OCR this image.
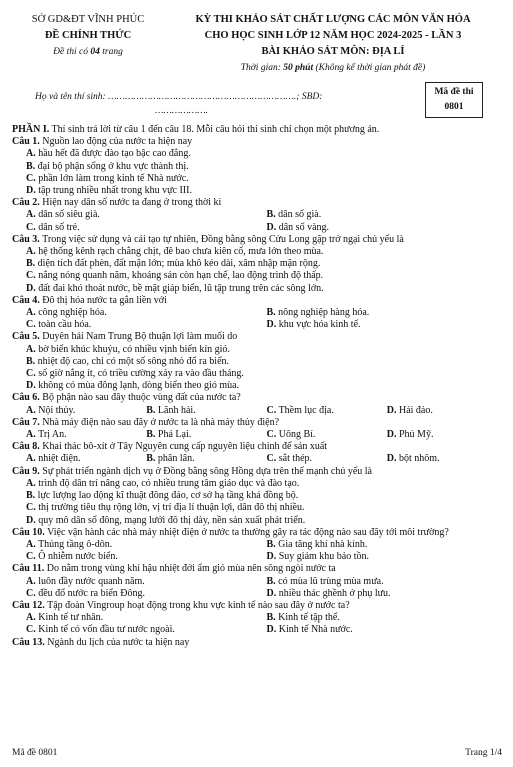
SỞ GD&ĐT VĨNH PHÚC
ĐỀ CHÍNH THỨC
Đề thi có 04 trang
KỲ THI KHẢO SÁT CHẤT LƯỢNG CÁC MÔN VĂN HÓA
CHO HỌC SINH LỚP 12 NĂM HỌC 2024-2025 - LẦN 3
BÀI KHẢO SÁT MÔN: ĐỊA LÍ
Thời gian: 50 phút (Không kể thời gian phát đề)
Họ và tên thí sinh: ………………………………………………………….; SBD:
……………….
Mã đề thi
0801
PHẦN I. Thí sinh trả lời từ câu 1 đến câu 18. Mỗi câu hỏi thí sinh chỉ chọn một phương án.
Câu 1. Nguồn lao động của nước ta hiện nay
A. hầu hết đã được đào tạo bậc cao đẳng.
B. đại bộ phận sống ở khu vực thành thị.
C. phần lớn làm trong kinh tế Nhà nước.
D. tập trung nhiều nhất trong khu vực III.
Câu 2. Hiện nay dân số nước ta đang ở trong thời kì
A. dân số siêu già.	B. dân số già.
C. dân số trẻ.	D. dân số vàng.
Câu 3. Trong việc sử dụng và cải tạo tự nhiên, Đồng bằng sông Cửu Long gặp trở ngại chủ yếu là
A. hệ thống kênh rạch chằng chịt, đê bao chưa kiên cố, mưa lớn theo mùa.
B. diện tích đất phèn, đất mặn lớn; mùa khô kéo dài, xâm nhập mặn rộng.
C. nắng nóng quanh năm, khoáng sản còn hạn chế, lao động trình độ thấp.
D. đất đai khó thoát nước, bề mặt giáp biển, lũ tập trung trên các sông lớn.
Câu 4. Đô thị hóa nước ta gắn liền với
A. công nghiệp hóa.	B. nông nghiệp hàng hóa.
C. toàn cầu hóa.	D. khu vực hóa kinh tế.
Câu 5. Duyên hải Nam Trung Bộ thuận lợi làm muối do
A. bờ biển khúc khuỷu, có nhiều vịnh biển kín gió.
B. nhiệt độ cao, chỉ có một số sông nhỏ đổ ra biển.
C. số giờ nắng ít, có triều cường xảy ra vào đầu tháng.
D. không có mùa đông lạnh, dòng biển theo gió mùa.
Câu 6. Bộ phận nào sau đây thuộc vùng đất của nước ta?
A. Nội thủy.	B. Lãnh hải.	C. Thềm lục địa.	D. Hải đảo.
Câu 7. Nhà máy điện nào sau đây ở nước ta là nhà máy thủy điện?
A. Trị An.	B. Phả Lại.	C. Uông Bí.	D. Phú Mỹ.
Câu 8. Khai thác bô-xít ở Tây Nguyên cung cấp nguyên liệu chính để sản xuất
A. nhiệt điện.	B. phân lân.	C. sắt thép.	D. bột nhôm.
Câu 9. Sự phát triển ngành dịch vụ ở Đồng bằng sông Hồng dựa trên thế mạnh chủ yếu là
A. trình độ dân trí nâng cao, có nhiều trung tâm giáo dục và đào tạo.
B. lực lượng lao động kĩ thuật đông đảo, cơ sở hạ tầng khá đồng bộ.
C. thị trường tiêu thụ rộng lớn, vị trí địa lí thuận lợi, dân đô thị nhiều.
D. quy mô dân số đông, mạng lưới đô thị dày, nền sản xuất phát triển.
Câu 10. Việc vận hành các nhà máy nhiệt điện ở nước ta thường gây ra tác động nào sau đây tới môi trường?
A. Thủng tầng ô-dôn.	B. Gia tăng khí nhà kính.
C. Ô nhiễm nước biển.	D. Suy giảm khu bảo tồn.
Câu 11. Do nằm trong vùng khí hậu nhiệt đới ẩm gió mùa nên sông ngòi nước ta
A. luôn đầy nước quanh năm.	B. có mùa lũ trùng mùa mưa.
C. đều đổ nước ra biển Đông.	D. nhiều thác ghềnh ở phụ lưu.
Câu 12. Tập đoàn Vingroup hoạt động trong khu vực kinh tế nào sau đây ở nước ta?
A. Kinh tế tư nhân.	B. Kinh tế tập thể.
C. Kinh tế có vốn đầu tư nước ngoài.	D. Kinh tế Nhà nước.
Câu 13. Ngành du lịch của nước ta hiện nay
Mã đề 0801	Trang 1/4
